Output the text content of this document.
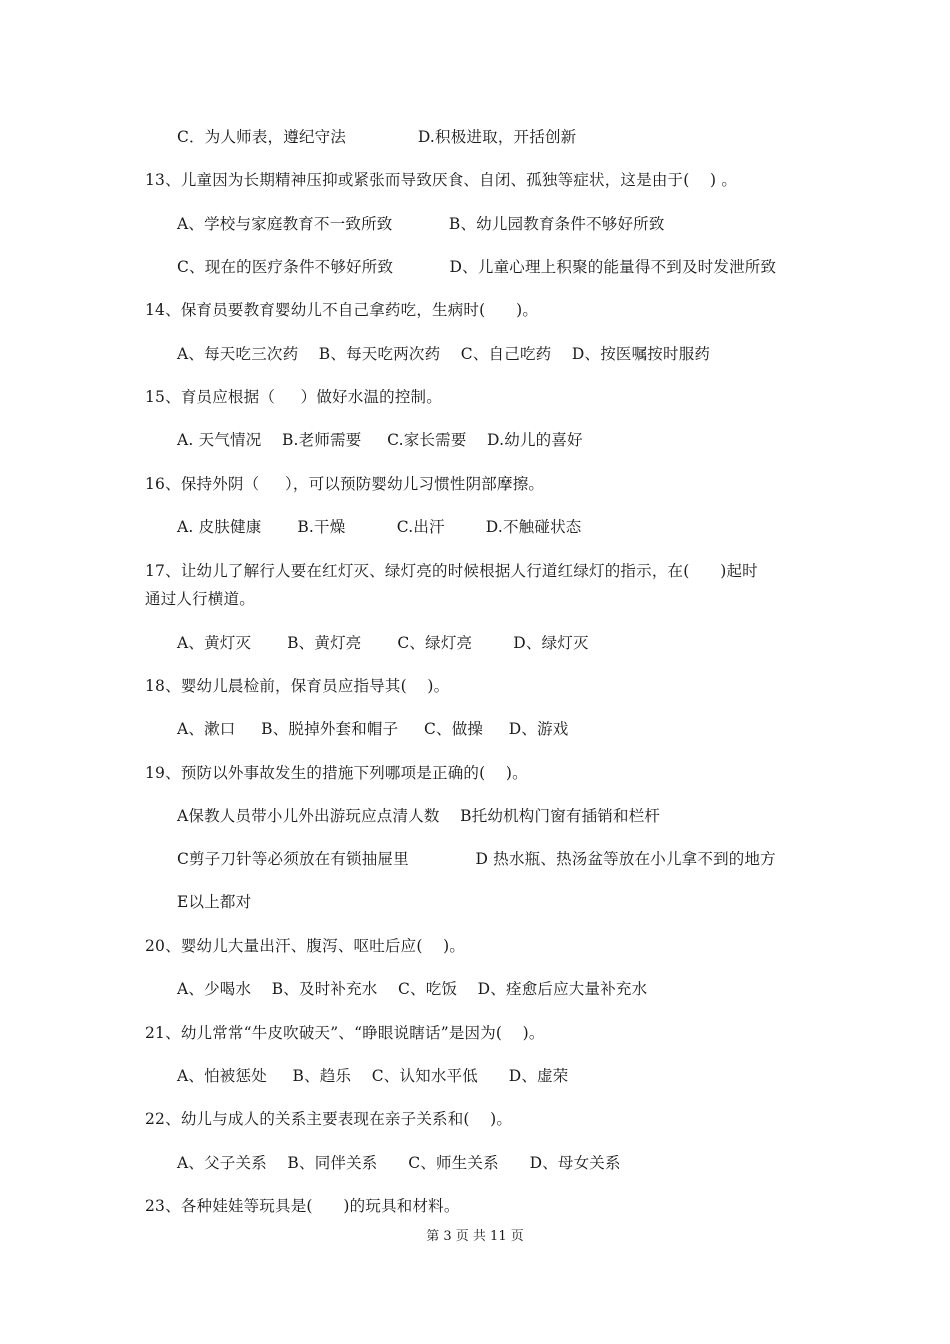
C．为人师表，遵纪守法              D.积极进取，开括创新
13、儿童因为长期精神压抑或紧张而导致厌食、自闭、孤独等症状，这是由于(    ) 。
A、学校与家庭教育不一致所致           B、幼儿园教育条件不够好所致
C、现在的医疗条件不够好所致           D、儿童心理上积聚的能量得不到及时发泄所致
14、保育员要教育婴幼儿不自己拿药吃，生病时(      )。
A、每天吃三次药    B、每天吃两次药    C、自己吃药    D、按医嘱按时服药
15、育员应根据（     ）做好水温的控制。
A. 天气情况    B.老师需要     C.家长需要    D.幼儿的喜好
16、保持外阴（     ），可以预防婴幼儿习惯性阴部摩擦。
A. 皮肤健康       B.干燥          C.出汗        D.不触碰状态
17、让幼儿了解行人要在红灯灭、绿灯亮的时候根据人行道红绿灯的指示，在(      )起时
通过人行横道。
A、黄灯灭       B、黄灯亮       C、绿灯亮        D、绿灯灭
18、婴幼儿晨检前，保育员应指导其(    )。
A、漱口     B、脱掉外套和帽子     C、做操     D、游戏
19、预防以外事故发生的措施下列哪项是正确的(    )。
A保教人员带小儿外出游玩应点清人数    B托幼机构门窗有插销和栏杆
C剪子刀针等必须放在有锁抽屉里             D 热水瓶、热汤盆等放在小儿拿不到的地方
E以上都对
20、婴幼儿大量出汗、腹泻、呕吐后应(    )。
A、少喝水    B、及时补充水    C、吃饭    D、痊愈后应大量补充水
21、幼儿常常“牛皮吹破天”、“睁眼说瞎话”是因为(    )。
A、怕被惩处     B、趋乐    C、认知水平低      D、虚荣
22、幼儿与成人的关系主要表现在亲子关系和(    )。
A、父子关系    B、同伴关系      C、师生关系      D、母女关系
23、各种娃娃等玩具是(      )的玩具和材料。
第 3 页 共 11 页
